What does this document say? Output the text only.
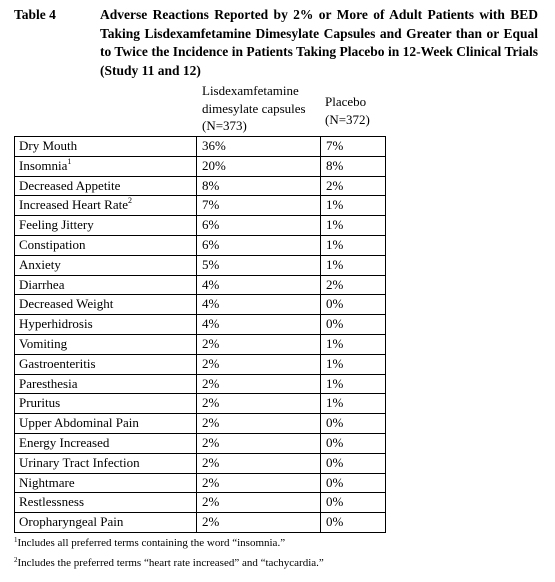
Table 4	Adverse Reactions Reported by 2% or More of Adult Patients with BED Taking Lisdexamfetamine Dimesylate Capsules and Greater than or Equal to Twice the Incidence in Patients Taking Placebo in 12-Week Clinical Trials (Study 11 and 12)
Lisdexamfetamine dimesylate capsules (N=373)
Placebo (N=372)
Dry Mouth	36%	7%
Insomnia$^1$	20%	8%
Decreased Appetite	8%	2%
Increased Heart Rate$^2$	7%	1%
Feeling Jittery	6%	1%
Constipation	6%	1%
Anxiety	5%	1%
Diarrhea	4%	2%
Decreased Weight	4%	0%
Hyperhidrosis	4%	0%
Vomiting	2%	1%
Gastroenteritis	2%	1%
Paresthesia	2%	1%
Pruritus	2%	1%
Upper Abdominal Pain	2%	0%
Energy Increased	2%	0%
Urinary Tract Infection	2%	0%
Nightmare	2%	0%
Restlessness	2%	0%
Oropharyngeal Pain	2%	0%
$^1$Includes all preferred terms containing the word “insomnia.”
$^2$Includes the preferred terms “heart rate increased” and “tachycardia.”
